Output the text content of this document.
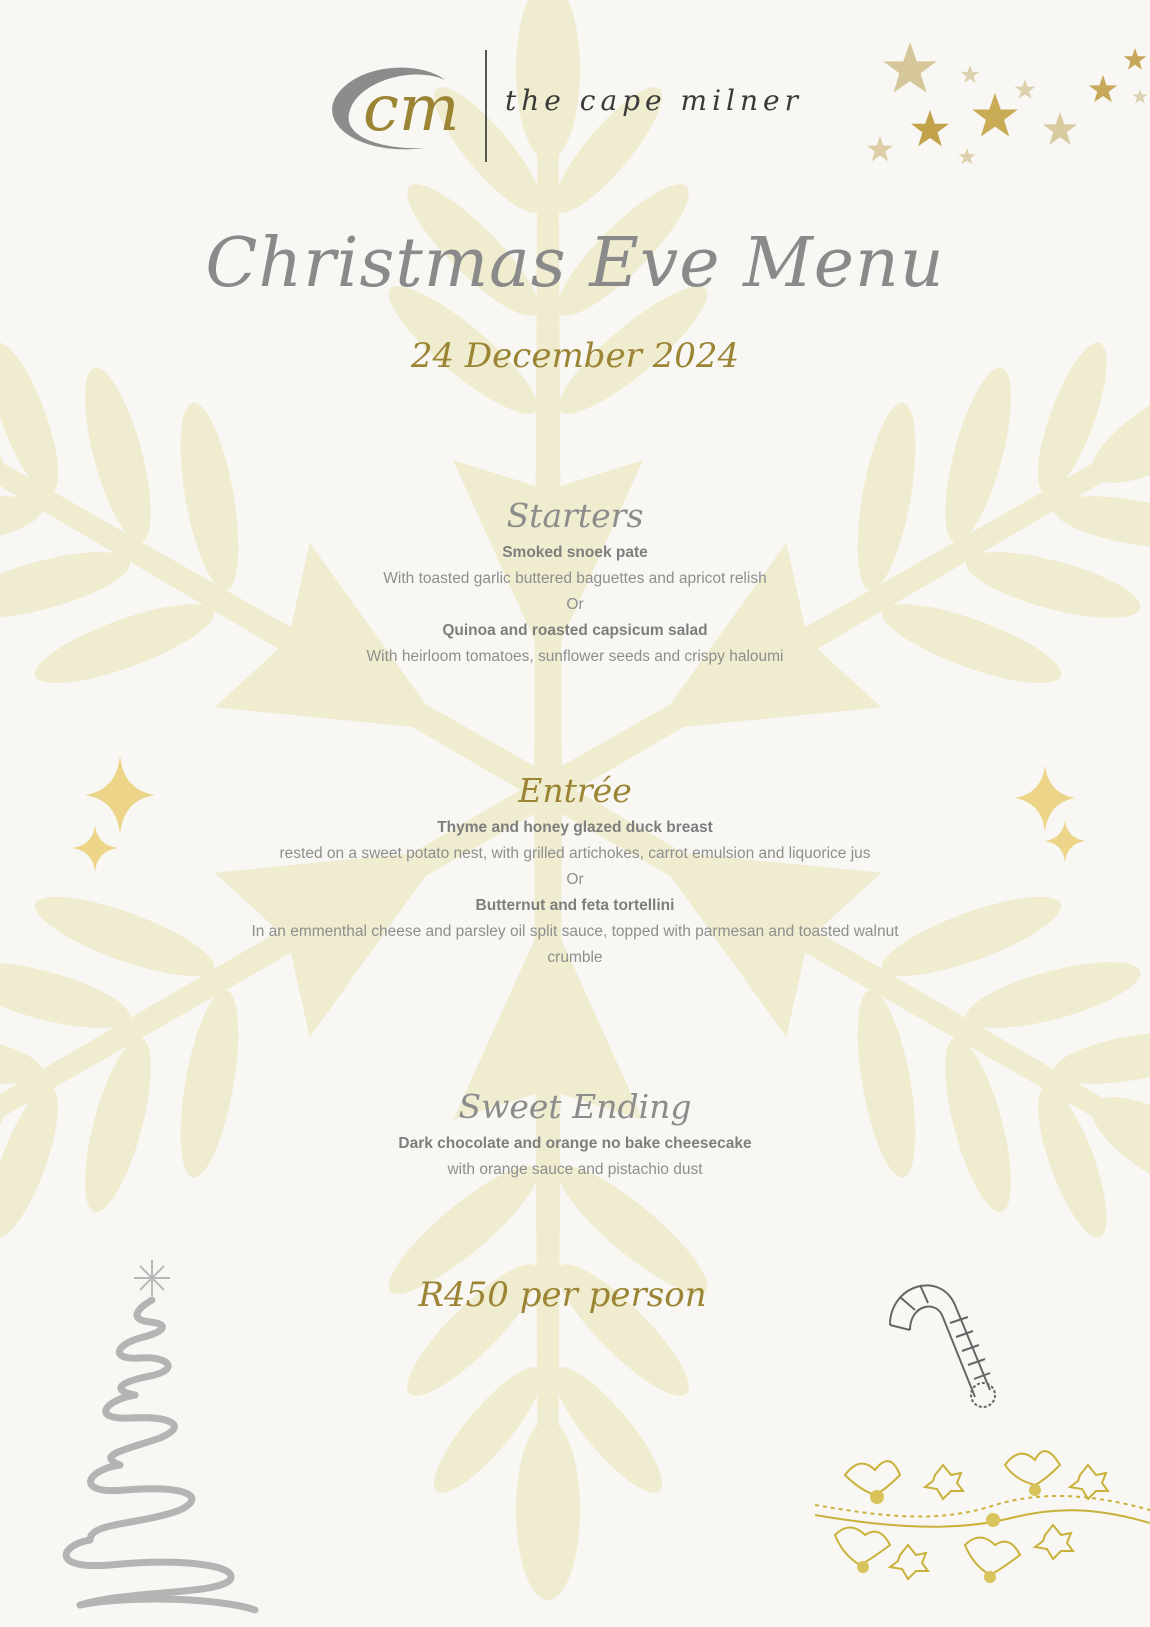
cm the cape milner
Christmas Eve Menu
24 December 2024
Starters
Smoked snoek pate
With toasted garlic buttered baguettes and apricot relish
Or
Quinoa and roasted capsicum salad
With heirloom tomatoes, sunflower seeds and crispy haloumi
Entrée
Thyme and honey glazed duck breast
rested on a sweet potato nest, with grilled artichokes, carrot emulsion and liquorice jus
Or
Butternut and feta tortellini
In an emmenthal cheese and parsley oil split sauce, topped with parmesan and toasted walnut
crumble
Sweet Ending
Dark chocolate and orange no bake cheesecake
with orange sauce and pistachio dust
R450 per person
